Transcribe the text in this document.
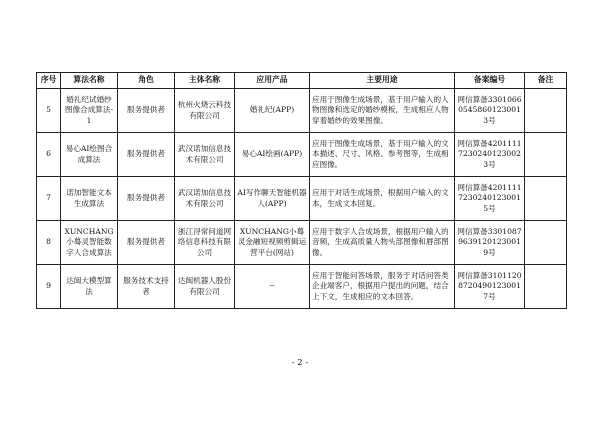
序号	算法名称	角色	主体名称	应用产品	主要用途	备案编号	备注
5	婚礼纪试婚纱图像合成算法-1	服务提供者	杭州火烧云科技有限公司	婚礼纪(APP)	应用于图像生成场景，基于用户输入的人物图像和选定的婚纱模板，生成相应人物穿着婚纱的效果图像。	网信算备330106605458601230013号	
6	易心AI绘图合成算法	服务提供者	武汉诺加信息技术有限公司	易心AI绘画(APP)	应用于图像生成场景，基于用户输入的文本描述、尺寸、风格、参考图等，生成相应图像。	网信算备420111172302401230023号	
7	诺加智能文本生成算法	服务提供者	武汉诺加信息技术有限公司	AI写作聊天智能机器人(APP)	应用于对话生成场景，根据用户输入的文本，生成文本回复。	网信算备420111172302401230015号	
8	XUNCHANG小蓦灵智能数字人合成算法	服务提供者	浙江浔常问道网络信息科技有限公司	XUNCHANG小蓦灵金融短视频剪辑运营平台(网站)	应用于数字人合成场景，根据用户输入的音频，生成高质量人物头部图像和唇部图像。	网信算备330108796391201230019号	
9	达闼大模型算法	服务技术支持者	达闼机器人股份有限公司	--	应用于智能问答场景，服务于对话问答类企业端客户，根据用户提出的问题，结合上下文，生成相应的文本回答。	网信算备310112087204901230017号	
- 2 -
